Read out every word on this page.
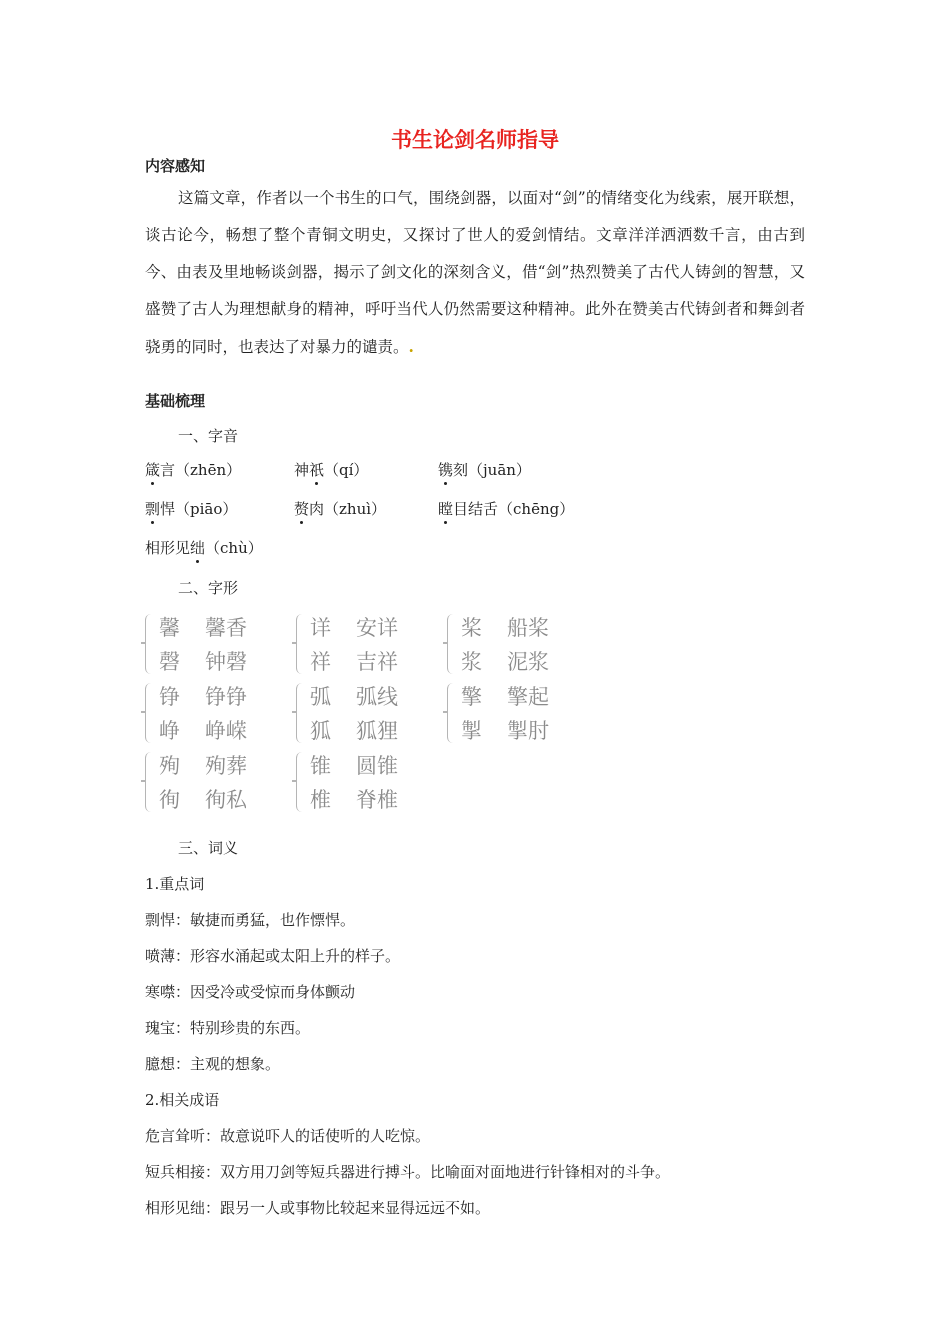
书生论剑名师指导
内容感知
这篇文章，作者以一个书生的口气，围绕剑器，以面对“剑”的情绪变化为线索，展开联想，谈古论今，畅想了整个青铜文明史，又探讨了世人的爱剑情结。文章洋洋洒洒数千言，由古到今、由表及里地畅谈剑器，揭示了剑文化的深刻含义，借“剑”热烈赞美了古代人铸剑的智慧，又盛赞了古人为理想献身的精神，呼吁当代人仍然需要这种精神。此外在赞美古代铸剑者和舞剑者骁勇的同时，也表达了对暴力的谴责。.
基础梳理
一、字音
箴言（zhēn）	神祇（qí）	镌刻（juān）
剽悍（piāo）	赘肉（zhuì）	瞠目结舌（chēng）
相形见绌（chù）
二、字形
馨 馨香
磬 钟磬
详 安详
祥 吉祥
桨 船桨
浆 泥浆
铮 铮铮
峥 峥嵘
弧 弧线
狐 狐狸
擎 擎起
掣 掣肘
殉 殉葬
徇 徇私
锥 圆锥
椎 脊椎
三、词义
1.重点词
剽悍：敏捷而勇猛，也作慓悍。
喷薄：形容水涌起或太阳上升的样子。
寒噤：因受冷或受惊而身体颤动
瑰宝：特别珍贵的东西。
臆想：主观的想象。
2.相关成语
危言耸听：故意说吓人的话使听的人吃惊。
短兵相接：双方用刀剑等短兵器进行搏斗。比喻面对面地进行针锋相对的斗争。
相形见绌：跟另一人或事物比较起来显得远远不如。
